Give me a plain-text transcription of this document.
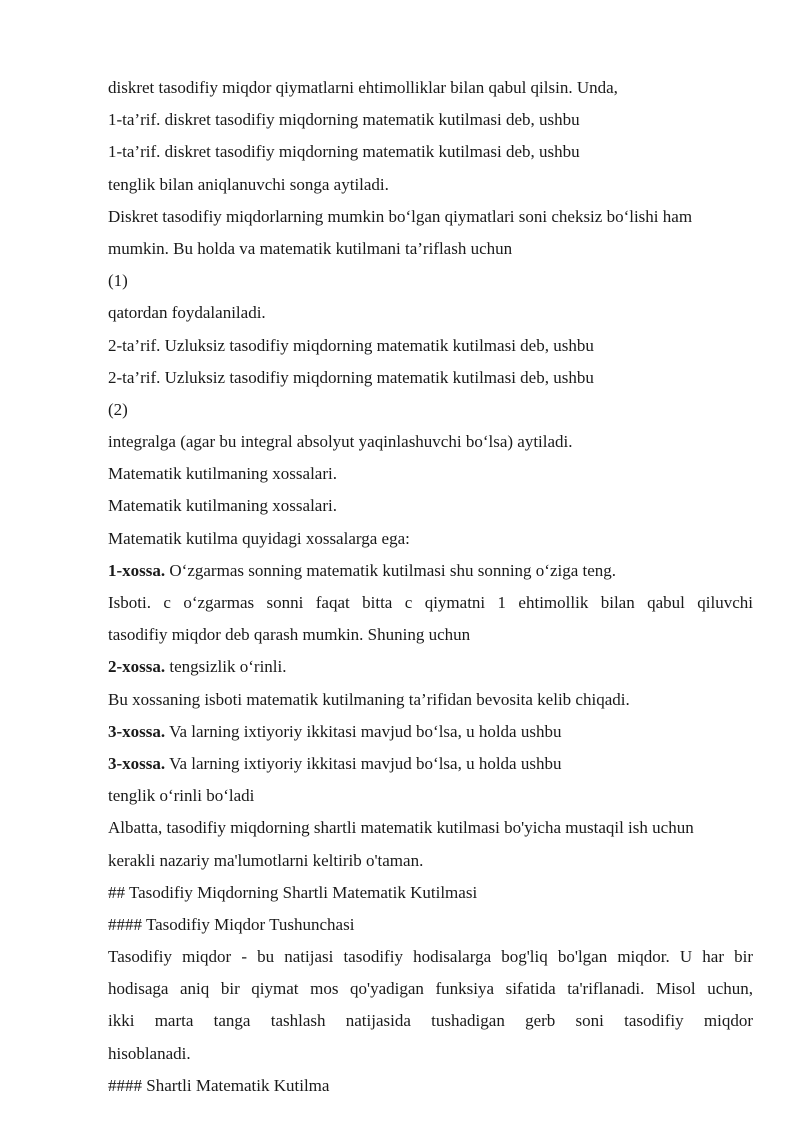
diskret tasodifiy miqdor qiymatlarni ehtimolliklar bilan qabul qilsin. Unda,
1-ta’rif. diskret tasodifiy miqdorning matematik kutilmasi deb, ushbu
1-ta’rif. diskret tasodifiy miqdorning matematik kutilmasi deb, ushbu
tenglik bilan aniqlanuvchi songa aytiladi.
Diskret tasodifiy miqdorlarning mumkin bo‘lgan qiymatlari soni cheksiz bo‘lishi ham
mumkin. Bu holda va matematik kutilmani ta’riflash uchun
(1)
qatordan foydalaniladi.
2-ta’rif. Uzluksiz tasodifiy miqdorning matematik kutilmasi deb, ushbu
2-ta’rif. Uzluksiz tasodifiy miqdorning matematik kutilmasi deb, ushbu
(2)
integralga (agar bu integral absolyut yaqinlashuvchi bo‘lsa) aytiladi.
Matematik kutilmaning xossalari.
Matematik kutilmaning xossalari.
Matematik kutilma quyidagi xossalarga ega:
1-xossa. O‘zgarmas sonning matematik kutilmasi shu sonning o‘ziga teng.
Isboti. c o‘zgarmas sonni faqat bitta c qiymatni 1 ehtimollik bilan qabul qiluvchi
tasodifiy miqdor deb qarash mumkin. Shuning uchun
2-xossa. tengsizlik o‘rinli.
Bu xossaning isboti matematik kutilmaning ta’rifidan bevosita kelib chiqadi.
3-xossa. Va larning ixtiyoriy ikkitasi mavjud bo‘lsa, u holda ushbu
3-xossa. Va larning ixtiyoriy ikkitasi mavjud bo‘lsa, u holda ushbu
tenglik o‘rinli bo‘ladi
Albatta, tasodifiy miqdorning shartli matematik kutilmasi bo'yicha mustaqil ish uchun
kerakli nazariy ma'lumotlarni keltirib o'taman.
## Tasodifiy Miqdorning Shartli Matematik Kutilmasi
#### Tasodifiy Miqdor Tushunchasi
Tasodifiy miqdor - bu natijasi tasodifiy hodisalarga bog'liq bo'lgan miqdor. U har bir
hodisaga aniq bir qiymat mos qo'yadigan funksiya sifatida ta'riflanadi. Misol uchun,
ikki marta tanga tashlash natijasida tushadigan gerb soni tasodifiy miqdor
hisoblanadi.
#### Shartli Matematik Kutilma
